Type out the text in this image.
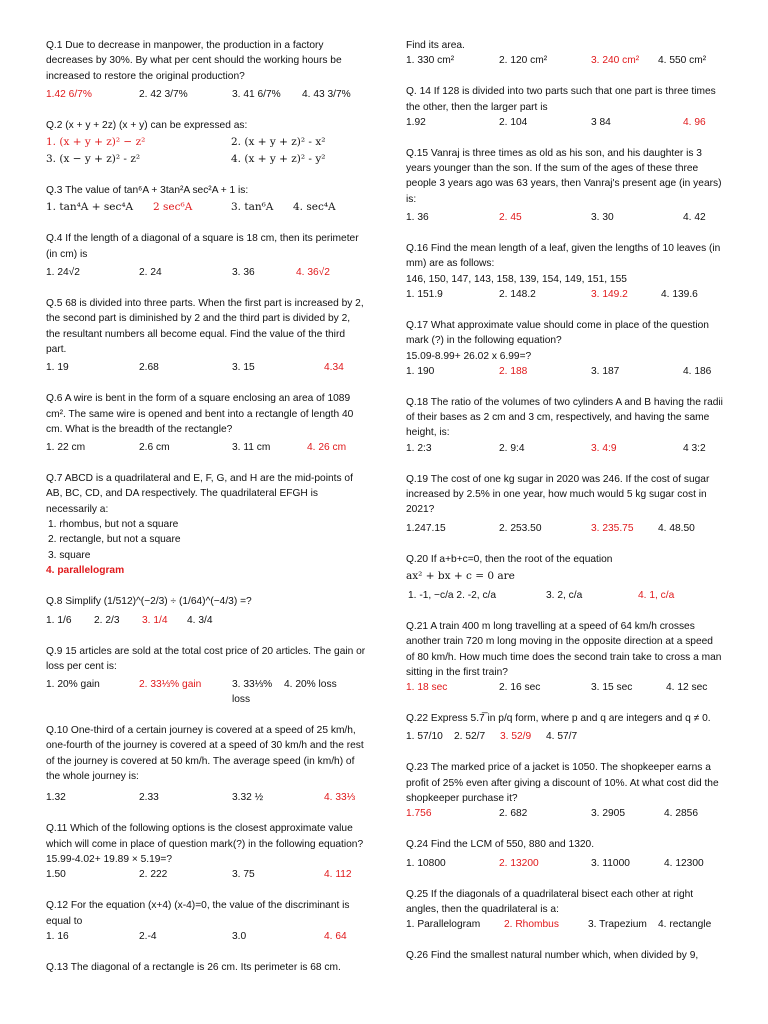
Q.1 Due to decrease in manpower, the production in a factory decreases by 30%. By what per cent should the working hours be increased to restore the original production?
1.42 6/7%	2. 42 3/7%	3. 41 6/7%	4. 43 3/7%
Q.2 (x + y + 2z) (x + y) can be expressed as:
1. (x + y + z)² − z²	2. (x + y + z)² - x²
3. (x − y + z)² - z²	4. (x + y + z)² - y²
Q.3 The value of tan⁶A + 3tan²A sec²A + 1 is:
1. tan⁴A + sec⁴A	2 sec⁶A	3. tan⁶A	4. sec⁴A
Q.4 If the length of a diagonal of a square is 18 cm, then its perimeter (in cm) is
1. 24√2	2. 24	3. 36	4. 36√2
Q.5 68 is divided into three parts. When the first part is increased by 2, the second part is diminished by 2 and the third part is divided by 2, the resultant numbers all become equal. Find the value of the third part.
1. 19	2.68	3. 15	4.34
Q.6 A wire is bent in the form of a square enclosing an area of 1089 cm². The same wire is opened and bent into a rectangle of length 40 cm. What is the breadth of the rectangle?
1. 22 cm	2.6 cm	3. 11 cm	4. 26 cm
Q.7 ABCD is a quadrilateral and E, F, G, and H are the mid-points of AB, BC, CD, and DA respectively. The quadrilateral EFGH is necessarily a:
1. rhombus, but not a square
2. rectangle, but not a square
3. square
4. parallelogram
Q.8 Simplify (1/512)^(−2/3) ÷ (1/64)^(−4/3) =?
1. 1/6	2. 2/3	3. 1/4	4. 3/4
Q.9 15 articles are sold at the total cost price of 20 articles. The gain or loss per cent is:
1. 20% gain	2. 33⅓% gain	3. 33⅓% loss
4. 20% loss
Q.10 One-third of a certain journey is covered at a speed of 25 km/h, one-fourth of the journey is covered at a speed of 30 km/h and the rest of the journey is covered at 50 km/h. The average speed (in km/h) of the whole journey is:
1.32	2.33	3.32 ½	4. 33⅓
Q.11 Which of the following options is the closest approximate value which will come in place of question mark(?) in the following equation?
15.99-4.02+ 19.89 × 5.19=?
1.50	2. 222	3. 75	4. 112
Q.12 For the equation (x+4) (x-4)=0, the value of the discriminant is equal to
1. 16	2.-4	3.0	4. 64
Q.13 The diagonal of a rectangle is 26 cm. Its perimeter is 68 cm.
Find its area.
1. 330 cm²	2. 120 cm²	3. 240 cm²	4. 550 cm²
Q. 14 If 128 is divided into two parts such that one part is three times the other, then the larger part is
1.92	2. 104	3 84	4. 96
Q.15 Vanraj is three times as old as his son, and his daughter is 3 years younger than the son. If the sum of the ages of these three people 3 years ago was 63 years, then Vanraj's present age (in years) is:
1. 36	2. 45	3. 30	4. 42
Q.16 Find the mean length of a leaf, given the lengths of 10 leaves (in mm) are as follows:
146, 150, 147, 143, 158, 139, 154, 149, 151, 155
1. 151.9	2. 148.2	3. 149.2	4. 139.6
Q.17 What approximate value should come in place of the question mark (?) in the following equation?
15.09-8.99+ 26.02 x 6.99=?
1. 190	2. 188	3. 187	4. 186
Q.18 The ratio of the volumes of two cylinders A and B having the radii of their bases as 2 cm and 3 cm, respectively, and having the same height, is:
1. 2:3	2. 9:4	3. 4:9	4 3:2
Q.19 The cost of one kg sugar in 2020 was 246. If the cost of sugar increased by 2.5% in one year, how much would 5 kg sugar cost in 2021?
1.247.15	2. 253.50	3. 235.75	4. 48.50
Q.20 If a+b+c=0, then the root of the equation
ax² + bx + c = 0 are
1. -1, −c/a 2. -2, c/a	3. 2, c/a	4. 1, c/a
Q.21 A train 400 m long travelling at a speed of 64 km/h crosses another train 720 m long moving in the opposite direction at a speed of 80 km/h. How much time does the second train take to cross a man sitting in the first train?
1. 18 sec	2. 16 sec	3. 15 sec	4. 12 sec
Q.22 Express 5.7̅ in p/q form, where p and q are integers and q ≠ 0.
1. 57/10	2. 52/7	3. 52/9	4. 57/7
Q.23 The marked price of a jacket is 1050. The shopkeeper earns a profit of 25% even after giving a discount of 10%. At what cost did the shopkeeper purchase it?
1.756	2. 682	3. 2905	4. 2856
Q.24 Find the LCM of 550, 880 and 1320.
1. 10800	2. 13200	3. 11000	4. 12300
Q.25 If the diagonals of a quadrilateral bisect each other at right angles, then the quadrilateral is a:
1. Parallelogram	2. Rhombus	3. Trapezium	4. rectangle
Q.26 Find the smallest natural number which, when divided by 9,
